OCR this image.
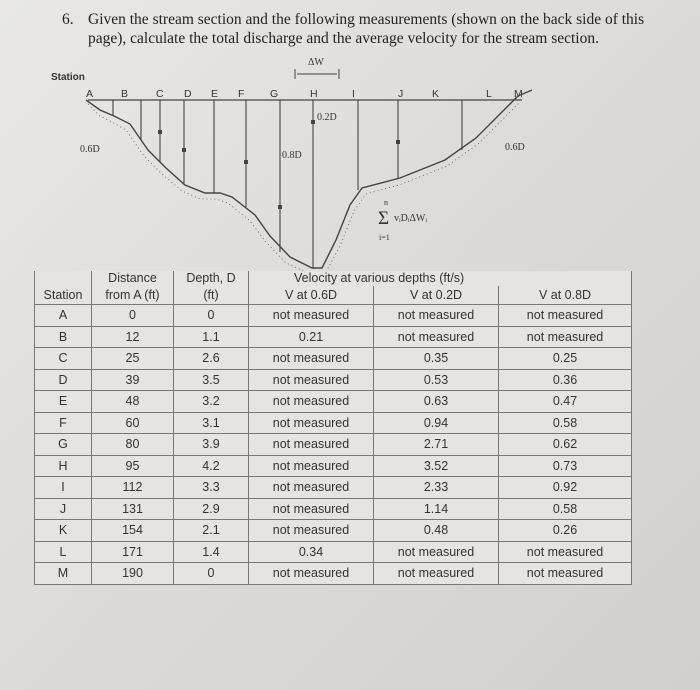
6. Given the stream section and the following measurements (shown on the back side of this
page), calculate the total discharge and the average velocity for the stream section.
Station
A	B	C D E F G	H	I	J	K	L M
ΔW
0.6D
0.2D
0.8D
0.6D
n
Σ
i=1
vᵢDᵢΔWᵢ
	Distance	Depth, D	Velocity at various depths (ft/s)		
Station	from A (ft)	(ft)	V at 0.6D	V at 0.2D	V at 0.8D
A	0	0	not measured	not measured	not measured
B	12	1.1	0.21	not measured	not measured
C	25	2.6	not measured	0.35	0.25
D	39	3.5	not measured	0.53	0.36
E	48	3.2	not measured	0.63	0.47
F	60	3.1	not measured	0.94	0.58
G	80	3.9	not measured	2.71	0.62
H	95	4.2	not measured	3.52	0.73
I	112	3.3	not measured	2.33	0.92
J	131	2.9	not measured	1.14	0.58
K	154	2.1	not measured	0.48	0.26
L	171	1.4	0.34	not measured	not measured
M	190	0	not measured	not measured	not measured
